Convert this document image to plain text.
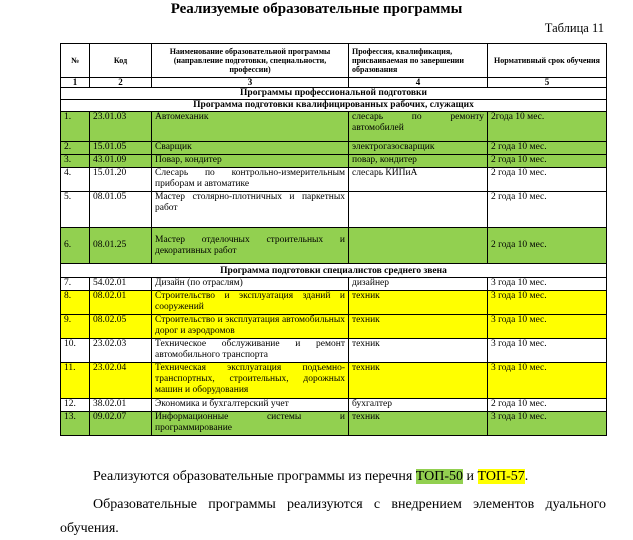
Реализуемые образовательные программы
Таблица 11
№	Код	Наименование образовательной программы (направление подготовки, специальности, профессии)	Профессия, квалификация, присваиваемая по завершении образования	Нормативный срок обучения
1	2	3	4	5
Программы профессиональной подготовки				
Программа подготовки квалифицированных рабочих, служащих				
1.	23.01.03	Автомеханик	слесарь по ремонту автомобилей	2года 10 мес.
2.	15.01.05	Сварщик	электрогазосварщик	2 года 10 мес.
3.	43.01.09	Повар, кондитер	повар, кондитер	2 года 10 мес.
4.	15.01.20	Слесарь по контрольно-измерительным приборам и автоматике	слесарь КИПиА	2 года 10 мес.
5.	08.01.05	Мастер столярно-плотничных и паркетных работ		2 года 10 мес.
6.	08.01.25	Мастер отделочных строительных и декоративных работ		2 года 10 мес.
Программа подготовки специалистов среднего звена				
7.	54.02.01	Дизайн (по отраслям)	дизайнер	3 года 10 мес.
8.	08.02.01	Строительство и эксплуатация зданий и сооружений	техник	3 года 10 мес.
9.	08.02.05	Строительство и эксплуатация автомобильных дорог и аэродромов	техник	3 года 10 мес.
10.	23.02.03	Техническое обслуживание и ремонт автомобильного транспорта	техник	3 года 10 мес.
11.	23.02.04	Техническая эксплуатация подъемно-транспортных, строительных, дорожных машин и оборудования	техник	3 года 10 мес.
12.	38.02.01	Экономика и бухгалтерский учет	бухгалтер	2 года 10 мес.
13.	09.02.07	Информационные системы и программирование	техник	3 года 10 мес.
Реализуются образовательные программы из перечня ТОП-50 и ТОП-57.
Образовательные программы реализуются с внедрением элементов дуального
обучения.
